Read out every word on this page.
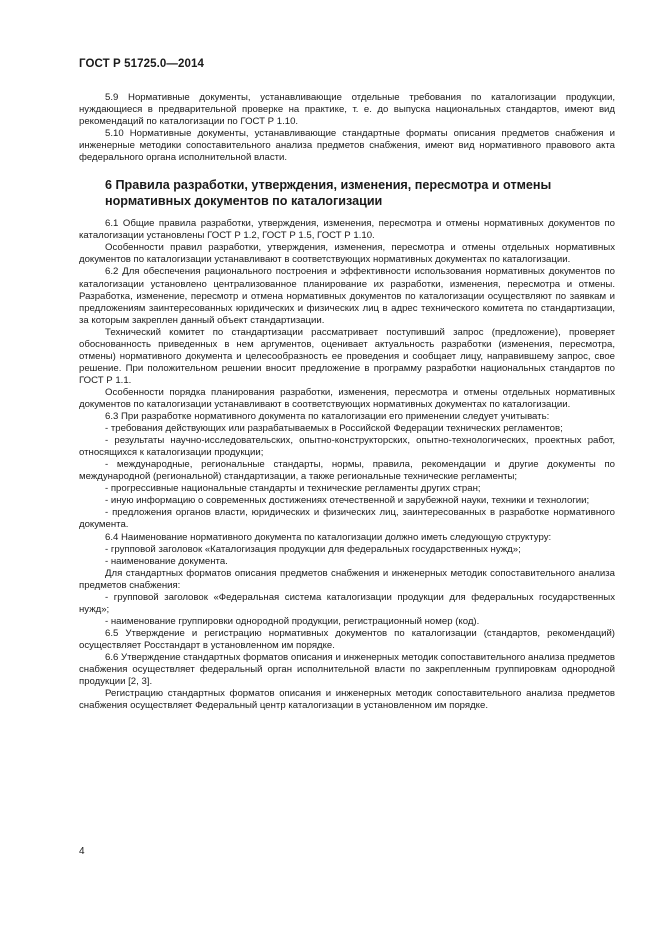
ГОСТ Р 51725.0—2014

5.9 Нормативные документы, устанавливающие отдельные требования по каталогизации продукции, нуждающиеся в предварительной проверке на практике, т. е. до выпуска национальных стандартов, имеют вид рекомендаций по каталогизации по ГОСТ Р 1.10.

5.10 Нормативные документы, устанавливающие стандартные форматы описания предметов снабжения и инженерные методики сопоставительного анализа предметов снабжения, имеют вид нормативного правового акта федерального органа исполнительной власти.

6 Правила разработки, утверждения, изменения, пересмотра и отмены
нормативных документов по каталогизации

6.1 Общие правила разработки, утверждения, изменения, пересмотра и отмены нормативных документов по каталогизации установлены ГОСТ Р 1.2, ГОСТ Р 1.5, ГОСТ Р 1.10.

Особенности правил разработки, утверждения, изменения, пересмотра и отмены отдельных нормативных документов по каталогизации устанавливают в соответствующих нормативных документах по каталогизации.

6.2 Для обеспечения рационального построения и эффективности использования нормативных документов по каталогизации установлено централизованное планирование их разработки, изменения, пересмотра и отмены. Разработка, изменение, пересмотр и отмена нормативных документов по каталогизации осуществляют по заявкам и предложениям заинтересованных юридических и физических лиц в адрес технического комитета по стандартизации, за которым закреплен данный объект стандартизации.

Технический комитет по стандартизации рассматривает поступивший запрос (предложение), проверяет обоснованность приведенных в нем аргументов, оценивает актуальность разработки (изменения, пересмотра, отмены) нормативного документа и целесообразность ее проведения и сообщает лицу, направившему запрос, свое решение. При положительном решении вносит предложение в программу разработки национальных стандартов по ГОСТ Р 1.1.

Особенности порядка планирования разработки, изменения, пересмотра и отмены отдельных нормативных документов по каталогизации устанавливают в соответствующих нормативных документах по каталогизации.

6.3 При разработке нормативного документа по каталогизации его применении следует учитывать:

- требования действующих или разрабатываемых в Российской Федерации технических регламентов;

- результаты научно-исследовательских, опытно-конструкторских, опытно-технологических, проектных работ, относящихся к каталогизации продукции;

- международные, региональные стандарты, нормы, правила, рекомендации и другие документы по международной (региональной) стандартизации, а также региональные технические регламенты;

- прогрессивные национальные стандарты и технические регламенты других стран;

- иную информацию о современных достижениях отечественной и зарубежной науки, техники и технологии;

- предложения органов власти, юридических и физических лиц, заинтересованных в разработке нормативного документа.

6.4 Наименование нормативного документа по каталогизации должно иметь следующую структуру:

- групповой заголовок «Каталогизация продукции для федеральных государственных нужд»;

- наименование документа.

Для стандартных форматов описания предметов снабжения и инженерных методик сопоставительного анализа предметов снабжения:

- групповой заголовок «Федеральная система каталогизации продукции для федеральных государственных нужд»;

- наименование группировки однородной продукции, регистрационный номер (код).

6.5 Утверждение и регистрацию нормативных документов по каталогизации (стандартов, рекомендаций) осуществляет Росстандарт в установленном им порядке.

6.6 Утверждение стандартных форматов описания и инженерных методик сопоставительного анализа предметов снабжения осуществляет федеральный орган исполнительной власти по закрепленным группировкам однородной продукции [2, 3].

Регистрацию стандартных форматов описания и инженерных методик сопоставительного анализа предметов снабжения осуществляет Федеральный центр каталогизации в установленном им порядке.

4
